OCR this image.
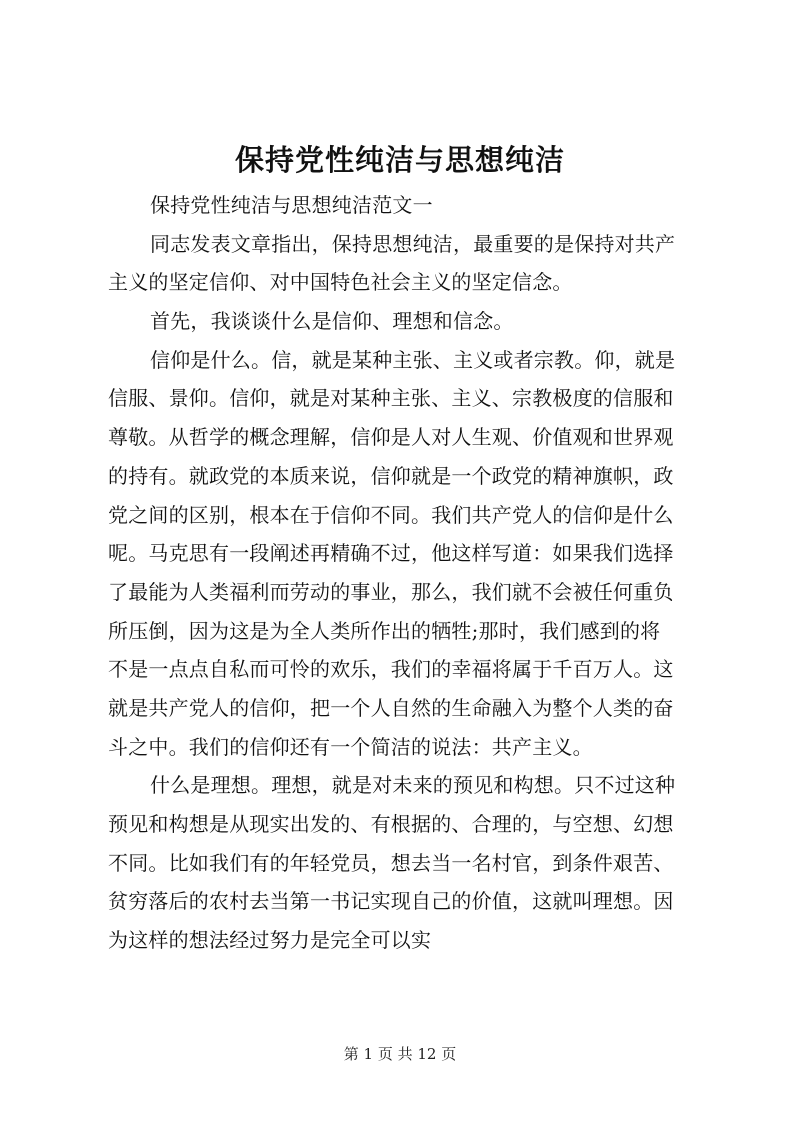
保持党性纯洁与思想纯洁
保持党性纯洁与思想纯洁范文一
同志发表文章指出，保持思想纯洁，最重要的是保持对共产
主义的坚定信仰、对中国特色社会主义的坚定信念。
首先，我谈谈什么是信仰、理想和信念。
信仰是什么。信，就是某种主张、主义或者宗教。仰，就是
信服、景仰。信仰，就是对某种主张、主义、宗教极度的信服和
尊敬。从哲学的概念理解，信仰是人对人生观、价值观和世界观
的持有。就政党的本质来说，信仰就是一个政党的精神旗帜，政
党之间的区别，根本在于信仰不同。我们共产党人的信仰是什么
呢。马克思有一段阐述再精确不过，他这样写道：如果我们选择
了最能为人类福利而劳动的事业，那么，我们就不会被任何重负
所压倒，因为这是为全人类所作出的牺牲;那时，我们感到的将
不是一点点自私而可怜的欢乐，我们的幸福将属于千百万人。这
就是共产党人的信仰，把一个人自然的生命融入为整个人类的奋
斗之中。我们的信仰还有一个简洁的说法：共产主义。
什么是理想。理想，就是对未来的预见和构想。只不过这种
预见和构想是从现实出发的、有根据的、合理的，与空想、幻想
不同。比如我们有的年轻党员，想去当一名村官，到条件艰苦、
贫穷落后的农村去当第一书记实现自己的价值，这就叫理想。因
为这样的想法经过努力是完全可以实
第 1 页 共 12 页
